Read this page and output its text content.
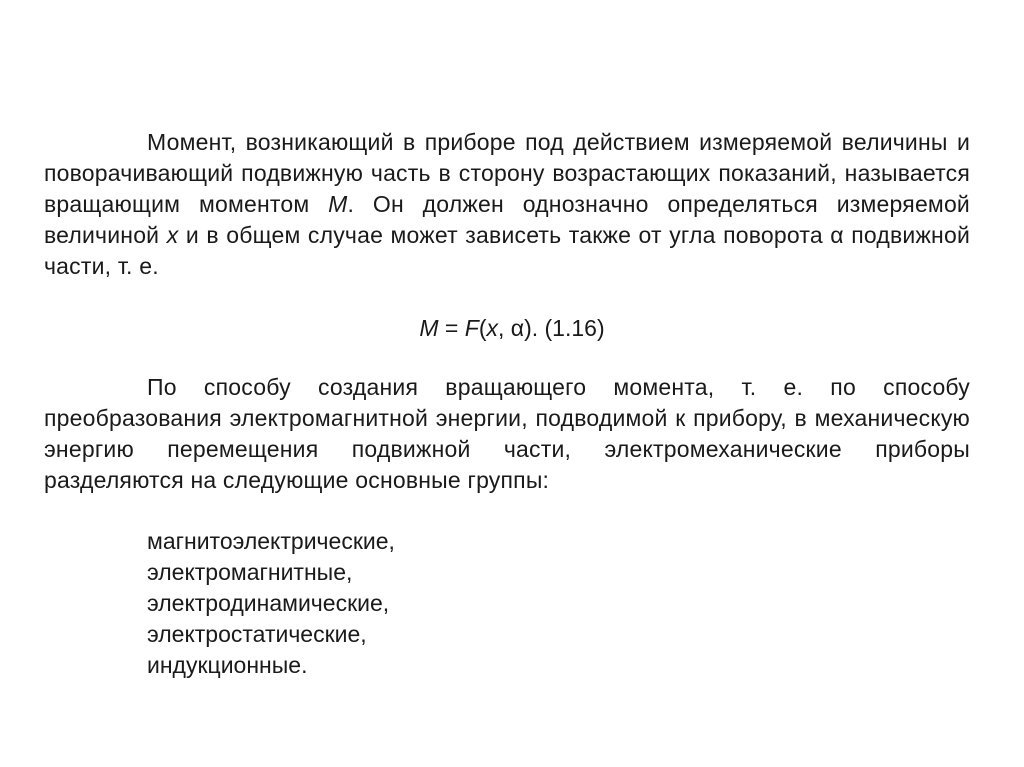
Момент, возникающий в приборе под действием измеряемой величины и поворачивающий подвижную часть в сторону возрастающих показаний, называется вращающим моментом М. Он должен однозначно определяться измеряемой величиной х и в общем случае может зависеть также от угла поворота α подвижной части, т. е.

М = F(х, α). (1.16)

По способу создания вращающего момента, т. е. по способу преобразования электромагнитной энергии, подводимой к прибору, в механическую энергию перемещения подвижной части, электромеханические приборы разделяются на следующие основные группы:

магнитоэлектрические,
электромагнитные,
электродинамические,
электростатические,
индукционные.
